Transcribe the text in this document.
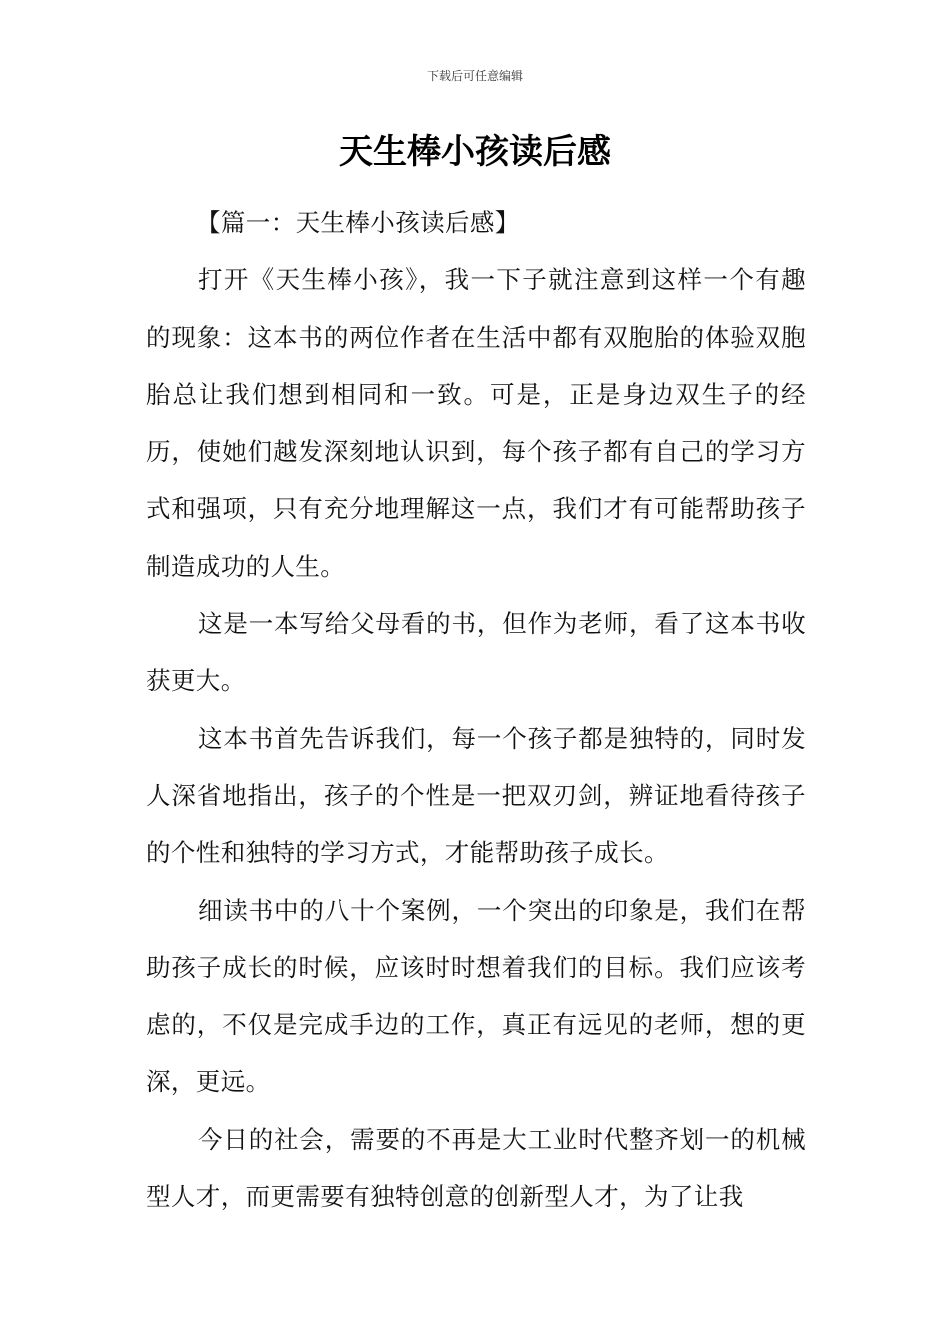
下载后可任意编辑
天生棒小孩读后感

【篇一：天生棒小孩读后感】

打开《天生棒小孩》，我一下子就注意到这样一个有趣的现象：这本书的两位作者在生活中都有双胞胎的体验双胞胎总让我们想到相同和一致。可是，正是身边双生子的经历，使她们越发深刻地认识到，每个孩子都有自己的学习方式和强项，只有充分地理解这一点，我们才有可能帮助孩子制造成功的人生。

这是一本写给父母看的书，但作为老师，看了这本书收获更大。

这本书首先告诉我们，每一个孩子都是独特的，同时发人深省地指出，孩子的个性是一把双刃剑，辨证地看待孩子的个性和独特的学习方式，才能帮助孩子成长。

细读书中的八十个案例，一个突出的印象是，我们在帮助孩子成长的时候，应该时时想着我们的目标。我们应该考虑的，不仅是完成手边的工作，真正有远见的老师，想的更深，更远。

今日的社会，需要的不再是大工业时代整齐划一的机械型人才，而更需要有独特创意的创新型人才，为了让我
